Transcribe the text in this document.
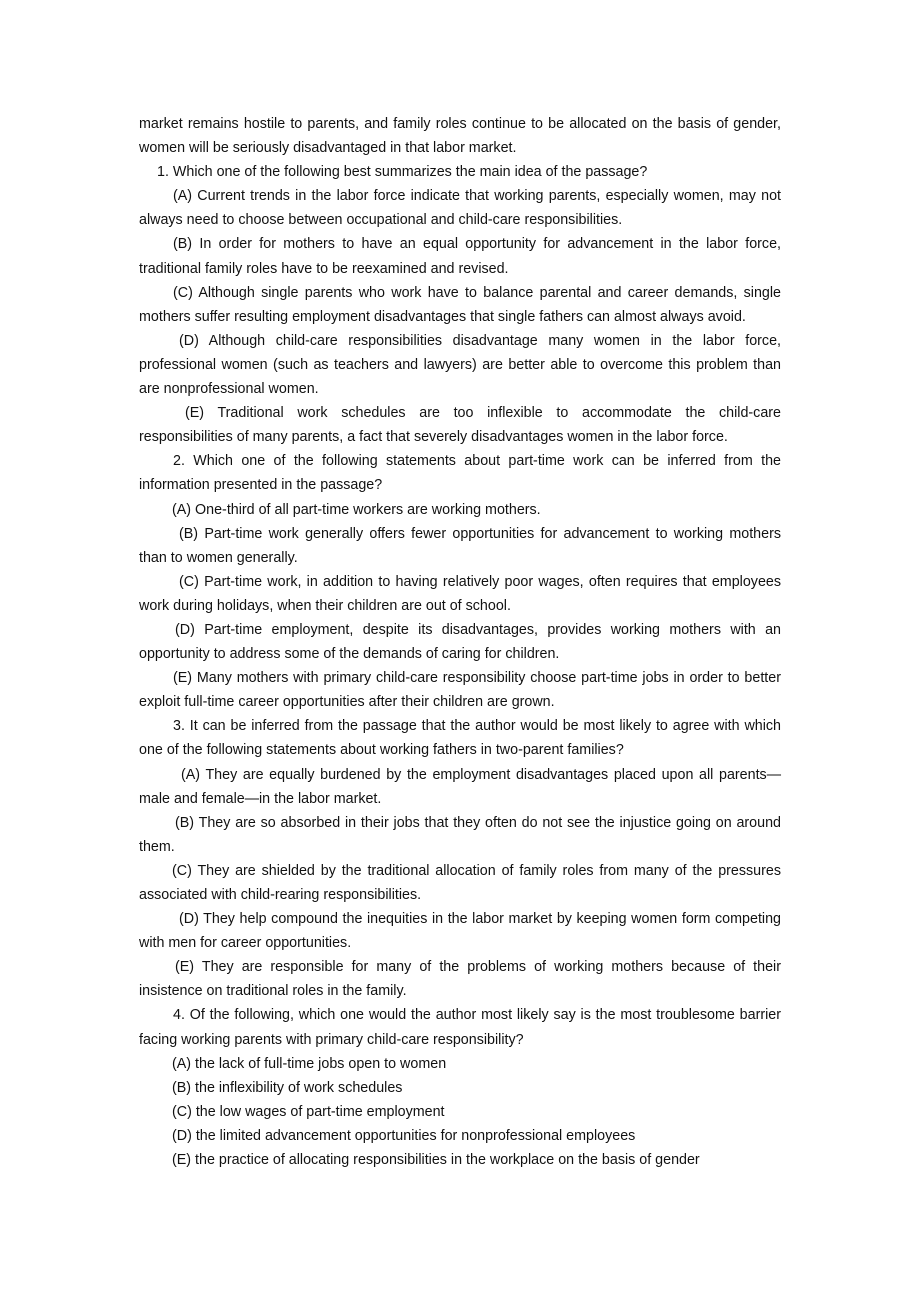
market remains hostile to parents, and family roles continue to be allocated on the basis of gender, women will be seriously disadvantaged in that labor market.

1. Which one of the following best summarizes the main idea of the passage?

(A) Current trends in the labor force indicate that working parents, especially women, may not always need to choose between occupational and child-care responsibilities.

(B) In order for mothers to have an equal opportunity for advancement in the labor force, traditional family roles have to be reexamined and revised.

(C) Although single parents who work have to balance parental and career demands, single mothers suffer resulting employment disadvantages that single fathers can almost always avoid.

(D) Although child-care responsibilities disadvantage many women in the labor force, professional women (such as teachers and lawyers) are better able to overcome this problem than are nonprofessional women.

(E) Traditional work schedules are too inflexible to accommodate the child-care responsibilities of many parents, a fact that severely disadvantages women in the labor force.

2. Which one of the following statements about part-time work can be inferred from the information presented in the passage?

(A) One-third of all part-time workers are working mothers.

(B) Part-time work generally offers fewer opportunities for advancement to working mothers than to women generally.

(C) Part-time work, in addition to having relatively poor wages, often requires that employees work during holidays, when their children are out of school.

(D) Part-time employment, despite its disadvantages, provides working mothers with an opportunity to address some of the demands of caring for children.

(E) Many mothers with primary child-care responsibility choose part-time jobs in order to better exploit full-time career opportunities after their children are grown.

3. It can be inferred from the passage that the author would be most likely to agree with which one of the following statements about working fathers in two-parent families?

(A) They are equally burdened by the employment disadvantages placed upon all parents—male and female—in the labor market.

(B) They are so absorbed in their jobs that they often do not see the injustice going on around them.

(C) They are shielded by the traditional allocation of family roles from many of the pressures associated with child-rearing responsibilities.

(D) They help compound the inequities in the labor market by keeping women form competing with men for career opportunities.

(E) They are responsible for many of the problems of working mothers because of their insistence on traditional roles in the family.

4. Of the following, which one would the author most likely say is the most troublesome barrier facing working parents with primary child-care responsibility?

(A) the lack of full-time jobs open to women

(B) the inflexibility of work schedules

(C) the low wages of part-time employment

(D) the limited advancement opportunities for nonprofessional employees

(E) the practice of allocating responsibilities in the workplace on the basis of gender
